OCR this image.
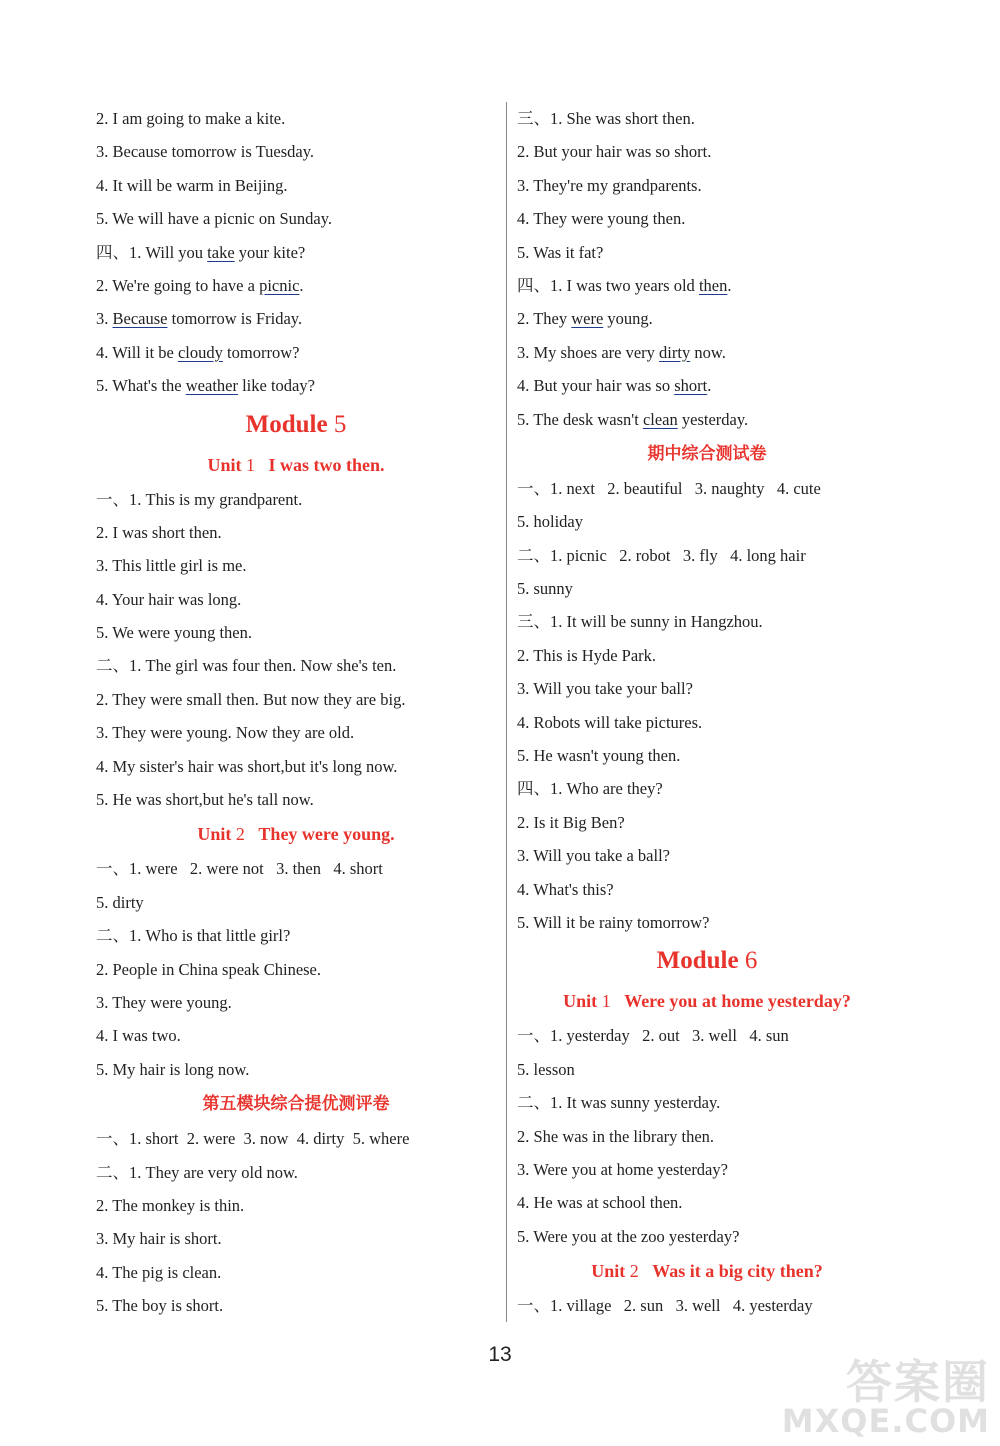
2. I am going to make a kite.
3. Because tomorrow is Tuesday.
4. It will be warm in Beijing.
5. We will have a picnic on Sunday.
四、1. Will you take your kite?
2. We're going to have a picnic.
3. Because tomorrow is Friday.
4. Will it be cloudy tomorrow?
5. What's the weather like today?
Module 5
Unit 1 I was two then.
一、1. This is my grandparent.
2. I was short then.
3. This little girl is me.
4. Your hair was long.
5. We were young then.
二、1. The girl was four then. Now she's ten.
2. They were small then. But now they are big.
3. They were young. Now they are old.
4. My sister's hair was short,but it's long now.
5. He was short,but he's tall now.
Unit 2 They were young.
一、1. were   2. were not   3. then   4. short
5. dirty
二、1. Who is that little girl?
2. People in China speak Chinese.
3. They were young.
4. I was two.
5. My hair is long now.
第五模块综合提优测评卷
一、1. short  2. were  3. now  4. dirty  5. where
二、1. They are very old now.
2. The monkey is thin.
3. My hair is short.
4. The pig is clean.
5. The boy is short.
三、1. She was short then.
2. But your hair was so short.
3. They're my grandparents.
4. They were young then.
5. Was it fat?
四、1. I was two years old then.
2. They were young.
3. My shoes are very dirty now.
4. But your hair was so short.
5. The desk wasn't clean yesterday.
期中综合测试卷
一、1. next   2. beautiful   3. naughty   4. cute
5. holiday
二、1. picnic   2. robot   3. fly   4. long hair
5. sunny
三、1. It will be sunny in Hangzhou.
2. This is Hyde Park.
3. Will you take your ball?
4. Robots will take pictures.
5. He wasn't young then.
四、1. Who are they?
2. Is it Big Ben?
3. Will you take a ball?
4. What's this?
5. Will it be rainy tomorrow?
Module 6
Unit 1 Were you at home yesterday?
一、1. yesterday   2. out   3. well   4. sun
5. lesson
二、1. It was sunny yesterday.
2. She was in the library then.
3. Were you at home yesterday?
4. He was at school then.
5. Were you at the zoo yesterday?
Unit 2 Was it a big city then?
一、1. village   2. sun   3. well   4. yesterday
13
答案圈
MXQE.COM
